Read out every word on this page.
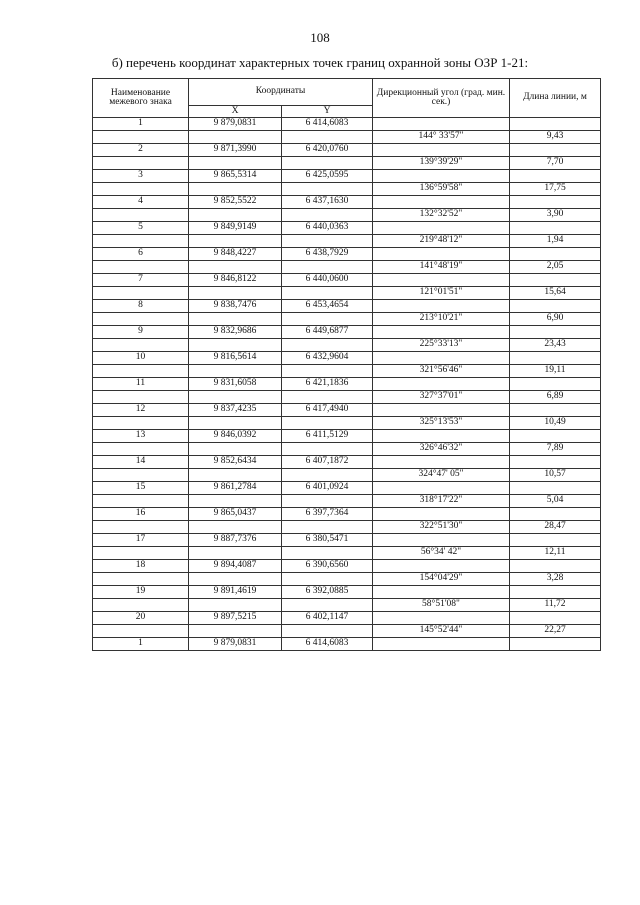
108
б) перечень координат характерных точек границ охранной зоны ОЗР 1-21:
Наименование межевого знака	Координаты		Дирекционный угол (град. мин. сек.)	Длина линии, м
	X	Y		
1	9 879,0831	6 414,6083		
			144° 33'57"	9,43
2	9 871,3990	6 420,0760		
			139°39'29"	7,70
3	9 865,5314	6 425,0595		
			136°59'58"	17,75
4	9 852,5522	6 437,1630		
			132°32'52"	3,90
5	9 849,9149	6 440,0363		
			219°48'12"	1,94
6	9 848,4227	6 438,7929		
			141°48'19"	2,05
7	9 846,8122	6 440,0600		
			121°01'51"	15,64
8	9 838,7476	6 453,4654		
			213°10'21"	6,90
9	9 832,9686	6 449,6877		
			225°33'13"	23,43
10	9 816,5614	6 432,9604		
			321°56'46"	19,11
11	9 831,6058	6 421,1836		
			327°37'01"	6,89
12	9 837,4235	6 417,4940		
			325°13'53"	10,49
13	9 846,0392	6 411,5129		
			326°46'32"	7,89
14	9 852,6434	6 407,1872		
			324°47' 05"	10,57
15	9 861,2784	6 401,0924		
			318°17'22"	5,04
16	9 865,0437	6 397,7364		
			322°51'30"	28,47
17	9 887,7376	6 380,5471		
			56°34' 42"	12,11
18	9 894,4087	6 390,6560		
			154°04'29"	3,28
19	9 891,4619	6 392,0885		
			58°51'08"	11,72
20	9 897,5215	6 402,1147		
			145°52'44"	22,27
1	9 879,0831	6 414,6083		
